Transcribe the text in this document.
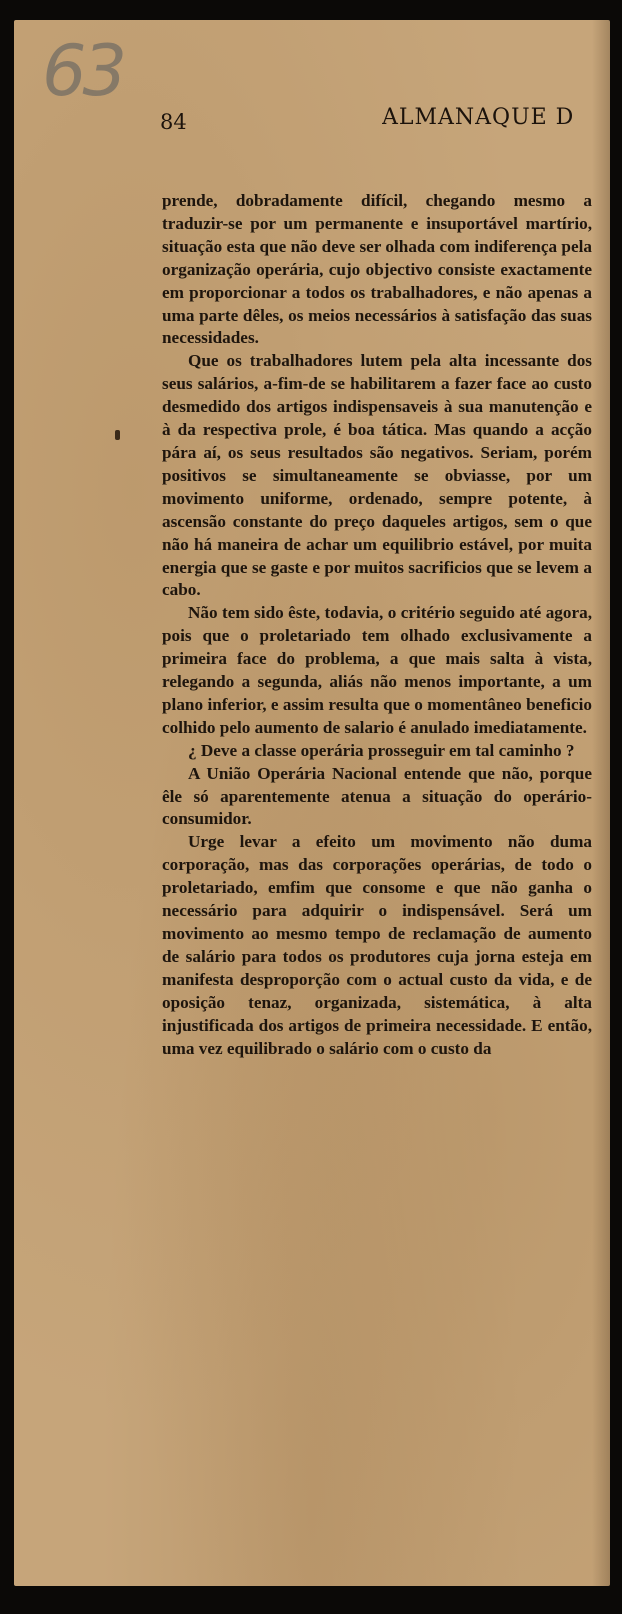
63
84	ALMANAQUE D

prende, dobradamente difícil, chegando mesmo a traduzir-se por um permanente e insuportável martírio, situação esta que não deve ser olhada com indiferença pela organização operária, cujo objectivo consiste exactamente em proporcionar a todos os trabalhadores, e não apenas a uma parte dêles, os meios necessários à satisfação das suas necessidades.

Que os trabalhadores lutem pela alta incessante dos seus salários, a-fim-de se habilitarem a fazer face ao custo desmedido dos artigos indispensaveis à sua manutenção e à da respectiva prole, é boa tática. Mas quando a acção pára aí, os seus resultados são negativos. Seriam, porém positivos se simultaneamente se obviasse, por um movimento uniforme, ordenado, sempre potente, à ascensão constante do preço daqueles artigos, sem o que não há maneira de achar um equilibrio estável, por muita energia que se gaste e por muitos sacrificios que se levem a cabo.

Não tem sido êste, todavia, o critério seguido até agora, pois que o proletariado tem olhado exclusivamente a primeira face do problema, a que mais salta à vista, relegando a segunda, aliás não menos importante, a um plano inferior, e assim resulta que o momentâneo beneficio colhido pelo aumento de salario é anulado imediatamente.

¿ Deve a classe operária prosseguir em tal caminho ?

A União Operária Nacional entende que não, porque êle só aparentemente atenua a situação do operário-consumidor.

Urge levar a efeito um movimento não duma corporação, mas das corporações operárias, de todo o proletariado, emfim que consome e que não ganha o necessário para adquirir o indispensável. Será um movimento ao mesmo tempo de reclamação de aumento de salário para todos os produtores cuja jorna esteja em manifesta desproporção com o actual custo da vida, e de oposição tenaz, organizada, sistemática, à alta injustificada dos artigos de primeira necessidade. E então, uma vez equilibrado o salário com o custo da
